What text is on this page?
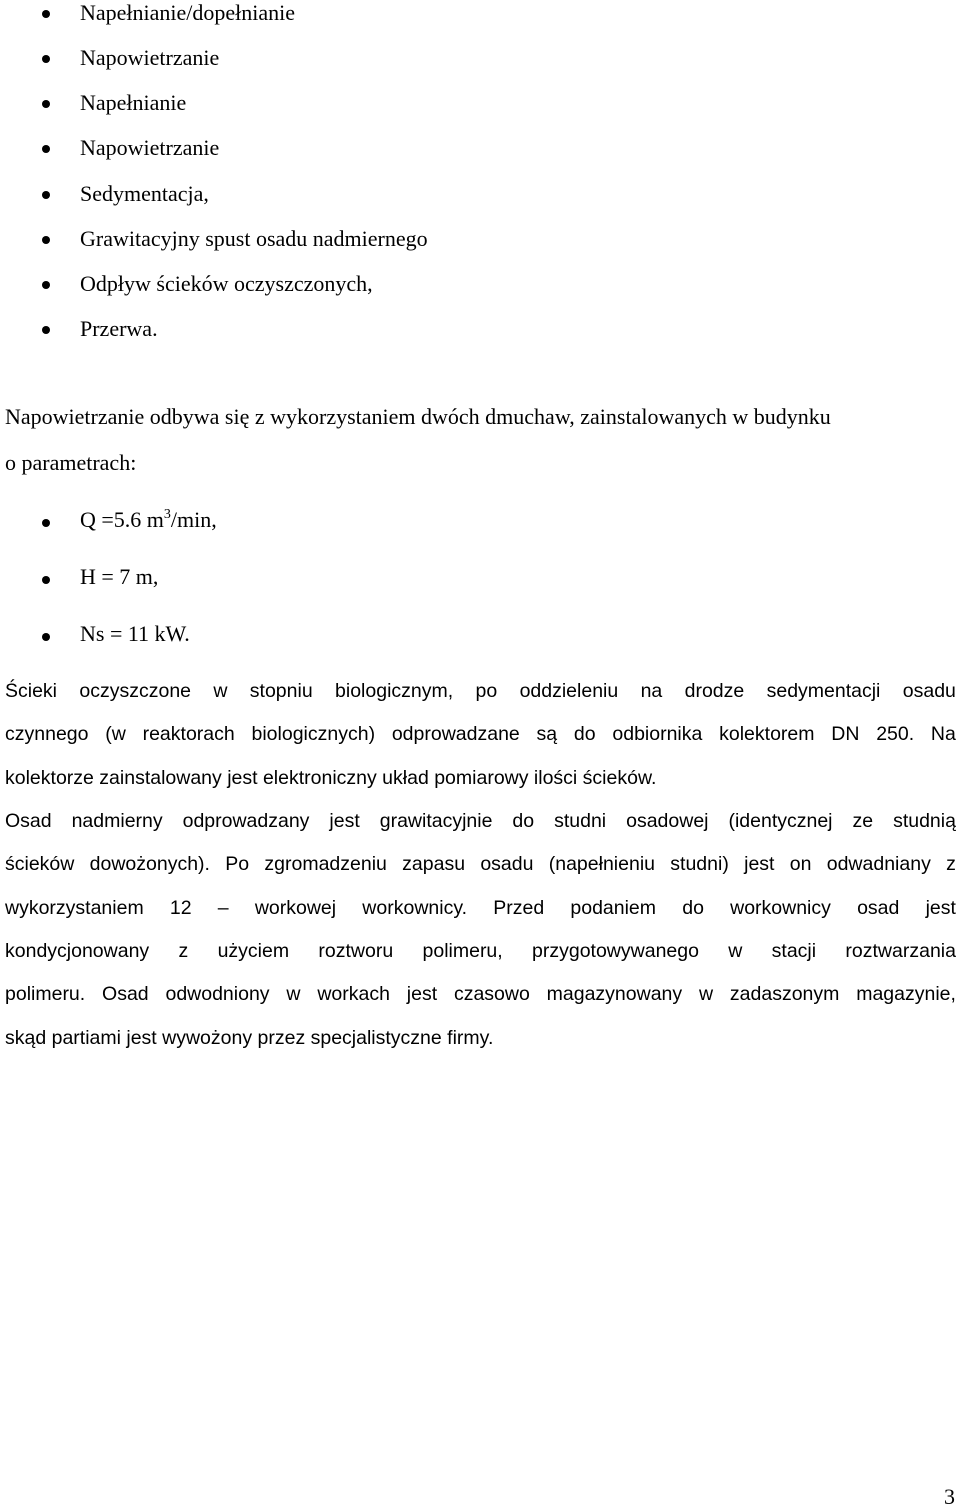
Napełnianie/dopełnianie
Napowietrzanie
Napełnianie
Napowietrzanie
Sedymentacja,
Grawitacyjny spust osadu nadmiernego
Odpływ ścieków oczyszczonych,
Przerwa.
Napowietrzanie odbywa się z wykorzystaniem dwóch dmuchaw, zainstalowanych w budynku
o parametrach:
Q =5.6 $m^3/\min$,
H = 7 m,
Ns = 11 kW.
Ścieki oczyszczone w stopniu biologicznym, po oddzieleniu na drodze sedymentacji osadu
czynnego (w reaktorach biologicznych) odprowadzane są do odbiornika kolektorem DN 250. Na
kolektorze zainstalowany jest elektroniczny układ pomiarowy ilości ścieków.
Osad nadmierny odprowadzany jest grawitacyjnie do studni osadowej (identycznej ze studnią
ścieków dowożonych). Po zgromadzeniu zapasu osadu (napełnieniu studni) jest on odwadniany z
wykorzystaniem 12 – workowej workownicy. Przed podaniem do workownicy osad jest
kondycjonowany z użyciem roztworu polimeru, przygotowywanego w stacji roztwarzania
polimeru. Osad odwodniony w workach jest czasowo magazynowany w zadaszonym magazynie,
skąd partiami jest wywożony przez specjalistyczne firmy.
3
